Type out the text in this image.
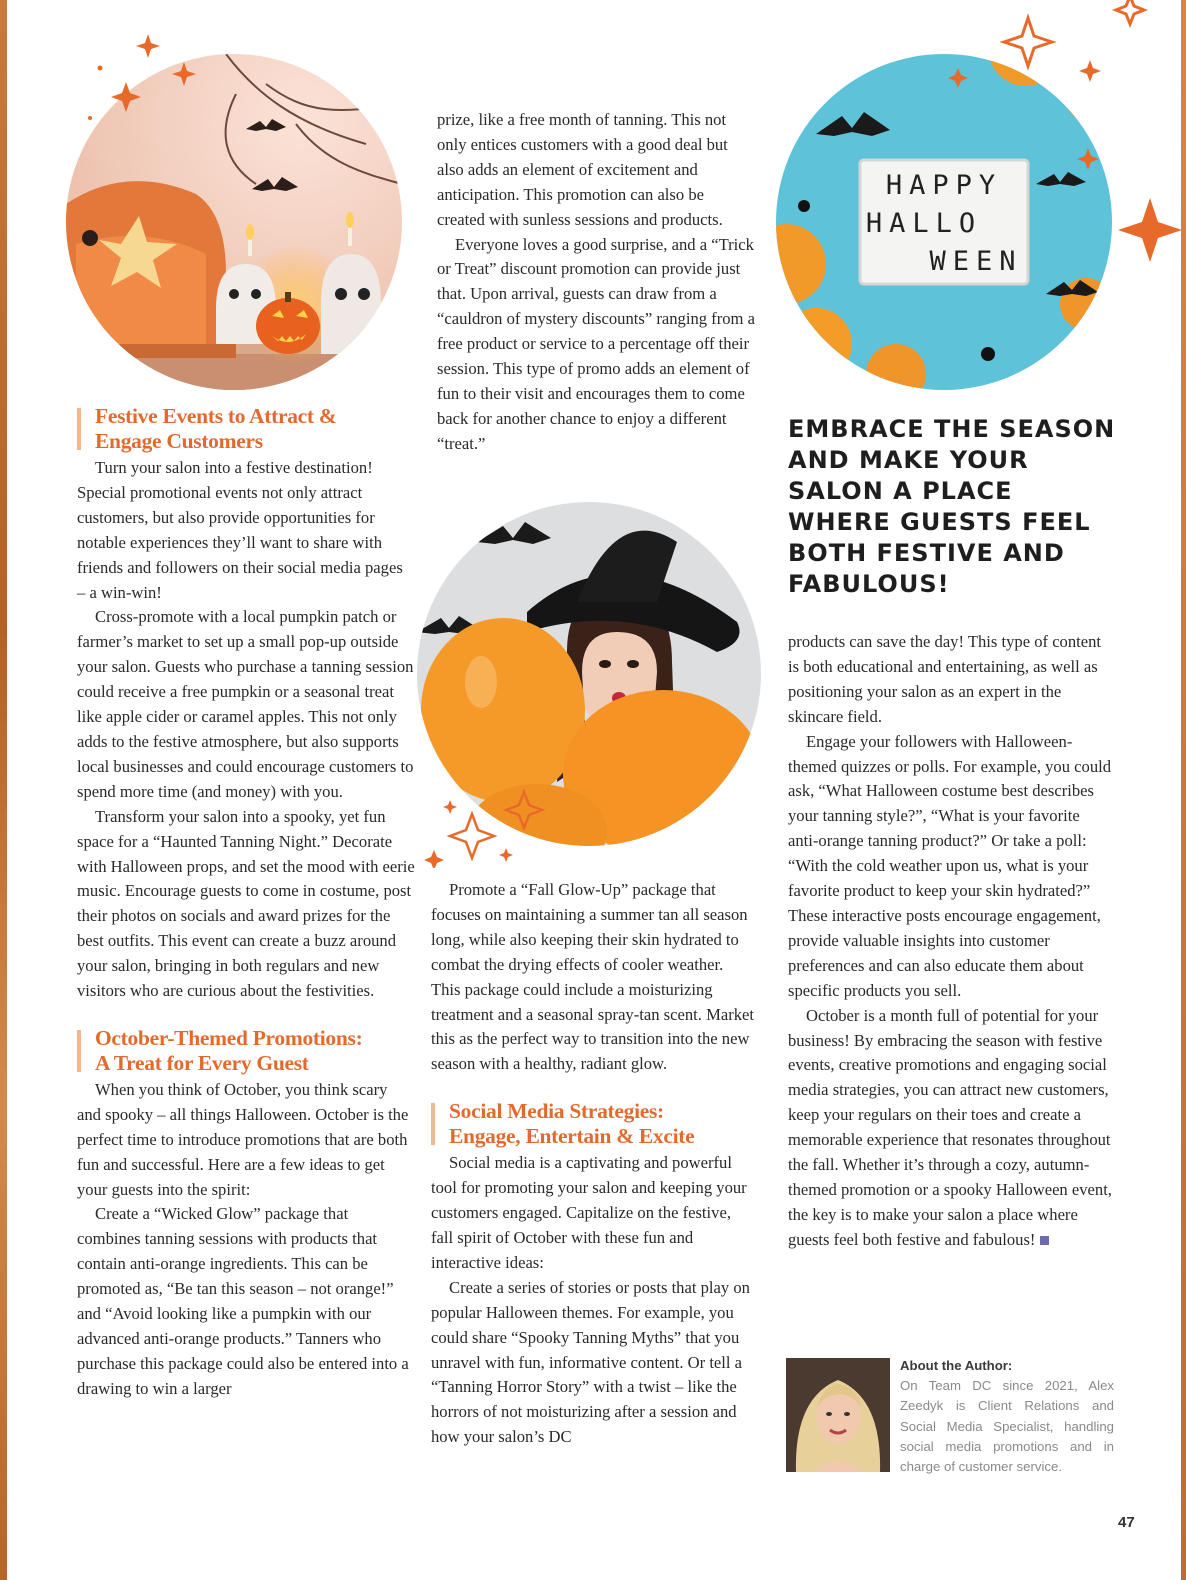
HAPPY
HALLO
WEEN
About the Author:
On Team DC since 2021, Alex Zeedyk is Client Relations and Social Media Specialist, handling social media promotions and in charge of customer service.
Festive Events to Attract &
Engage Customers

Turn your salon into a festive destination! Special promotional events not only attract customers, but also provide opportunities for notable experiences they’ll want to share with friends and followers on their social media pages – a win-win!

Cross-promote with a local pumpkin patch or farmer’s market to set up a small pop-up outside your salon. Guests who purchase a tanning session could receive a free pumpkin or a seasonal treat like apple cider or caramel apples. This not only adds to the festive atmosphere, but also supports local businesses and could encourage customers to spend more time (and money) with you.

Transform your salon into a spooky, yet fun space for a “Haunted Tanning Night.” Decorate with Halloween props, and set the mood with eerie music. Encourage guests to come in costume, post their photos on socials and award prizes for the best outfits. This event can create a buzz around your salon, bringing in both regulars and new visitors who are curious about the festivities.

October-Themed Promotions:
A Treat for Every Guest

When you think of October, you think scary and spooky – all things Halloween. October is the perfect time to introduce promotions that are both fun and successful. Here are a few ideas to get your guests into the spirit:

Create a “Wicked Glow” package that combines tanning sessions with products that contain anti-orange ingredients. This can be promoted as, “Be tan this season – not orange!” and “Avoid looking like a pumpkin with our advanced anti-orange products.” Tanners who purchase this package could also be entered into a drawing to win a larger

prize, like a free month of tanning. This not only entices customers with a good deal but also adds an element of excitement and anticipation. This promotion can also be created with sunless sessions and products.

Everyone loves a good surprise, and a “Trick or Treat” discount promotion can provide just that. Upon arrival, guests can draw from a “cauldron of mystery discounts” ranging from a free product or service to a percentage off their session. This type of promo adds an element of fun to their visit and encourages them to come back for another chance to enjoy a different “treat.”

Promote a “Fall Glow-Up” package that focuses on maintaining a summer tan all season long, while also keeping their skin hydrated to combat the drying effects of cooler weather. This package could include a moisturizing treatment and a seasonal spray-tan scent. Market this as the perfect way to transition into the new season with a healthy, radiant glow.

Social Media Strategies:
Engage, Entertain & Excite

Social media is a captivating and powerful tool for promoting your salon and keeping your customers engaged. Capitalize on the festive, fall spirit of October with these fun and interactive ideas:

Create a series of stories or posts that play on popular Halloween themes. For example, you could share “Spooky Tanning Myths” that you unravel with fun, informative content. Or tell a “Tanning Horror Story” with a twist – like the horrors of not moisturizing after a session and how your salon’s DC

EMBRACE THE SEASON
AND MAKE YOUR
SALON A PLACE
WHERE GUESTS FEEL
BOTH FESTIVE AND
FABULOUS!

products can save the day! This type of content is both educational and entertaining, as well as positioning your salon as an expert in the skincare field.

Engage your followers with Halloween-themed quizzes or polls. For example, you could ask, “What Halloween costume best describes your tanning style?”, “What is your favorite anti-orange tanning product?” Or take a poll: “With the cold weather upon us, what is your favorite product to keep your skin hydrated?” These interactive posts encourage engagement, provide valuable insights into customer preferences and can also educate them about specific products you sell.

October is a month full of potential for your business! By embracing the season with festive events, creative promotions and engaging social media strategies, you can attract new customers, keep your regulars on their toes and create a memorable experience that resonates throughout the fall. Whether it’s through a cozy, autumn-themed promotion or a spooky Halloween event, the key is to make your salon a place where guests feel both festive and fabulous!

47
